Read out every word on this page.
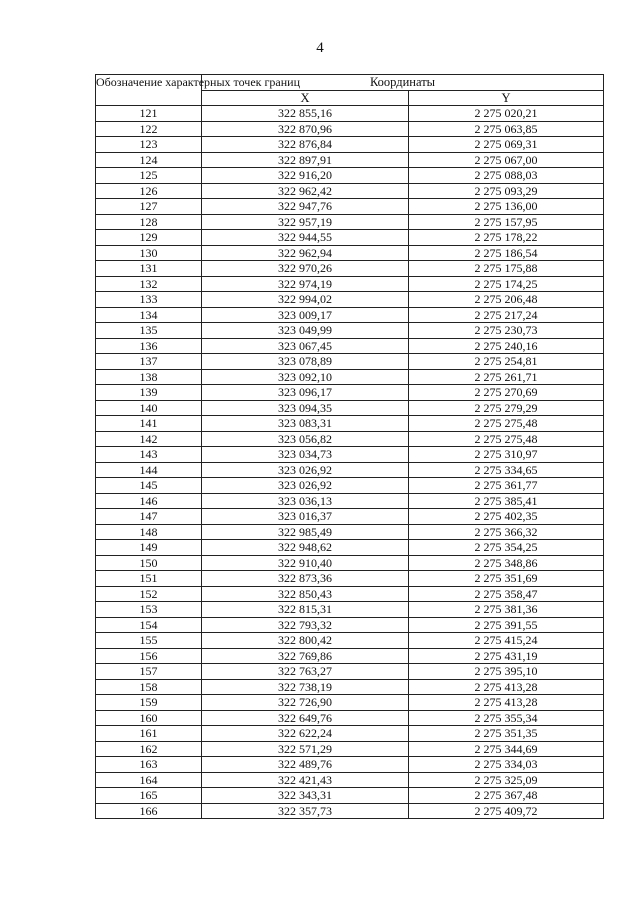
4
Обозначение характерных точек границ	Координаты	
	X	Y
121	322 855,16	2 275 020,21
122	322 870,96	2 275 063,85
123	322 876,84	2 275 069,31
124	322 897,91	2 275 067,00
125	322 916,20	2 275 088,03
126	322 962,42	2 275 093,29
127	322 947,76	2 275 136,00
128	322 957,19	2 275 157,95
129	322 944,55	2 275 178,22
130	322 962,94	2 275 186,54
131	322 970,26	2 275 175,88
132	322 974,19	2 275 174,25
133	322 994,02	2 275 206,48
134	323 009,17	2 275 217,24
135	323 049,99	2 275 230,73
136	323 067,45	2 275 240,16
137	323 078,89	2 275 254,81
138	323 092,10	2 275 261,71
139	323 096,17	2 275 270,69
140	323 094,35	2 275 279,29
141	323 083,31	2 275 275,48
142	323 056,82	2 275 275,48
143	323 034,73	2 275 310,97
144	323 026,92	2 275 334,65
145	323 026,92	2 275 361,77
146	323 036,13	2 275 385,41
147	323 016,37	2 275 402,35
148	322 985,49	2 275 366,32
149	322 948,62	2 275 354,25
150	322 910,40	2 275 348,86
151	322 873,36	2 275 351,69
152	322 850,43	2 275 358,47
153	322 815,31	2 275 381,36
154	322 793,32	2 275 391,55
155	322 800,42	2 275 415,24
156	322 769,86	2 275 431,19
157	322 763,27	2 275 395,10
158	322 738,19	2 275 413,28
159	322 726,90	2 275 413,28
160	322 649,76	2 275 355,34
161	322 622,24	2 275 351,35
162	322 571,29	2 275 344,69
163	322 489,76	2 275 334,03
164	322 421,43	2 275 325,09
165	322 343,31	2 275 367,48
166	322 357,73	2 275 409,72
